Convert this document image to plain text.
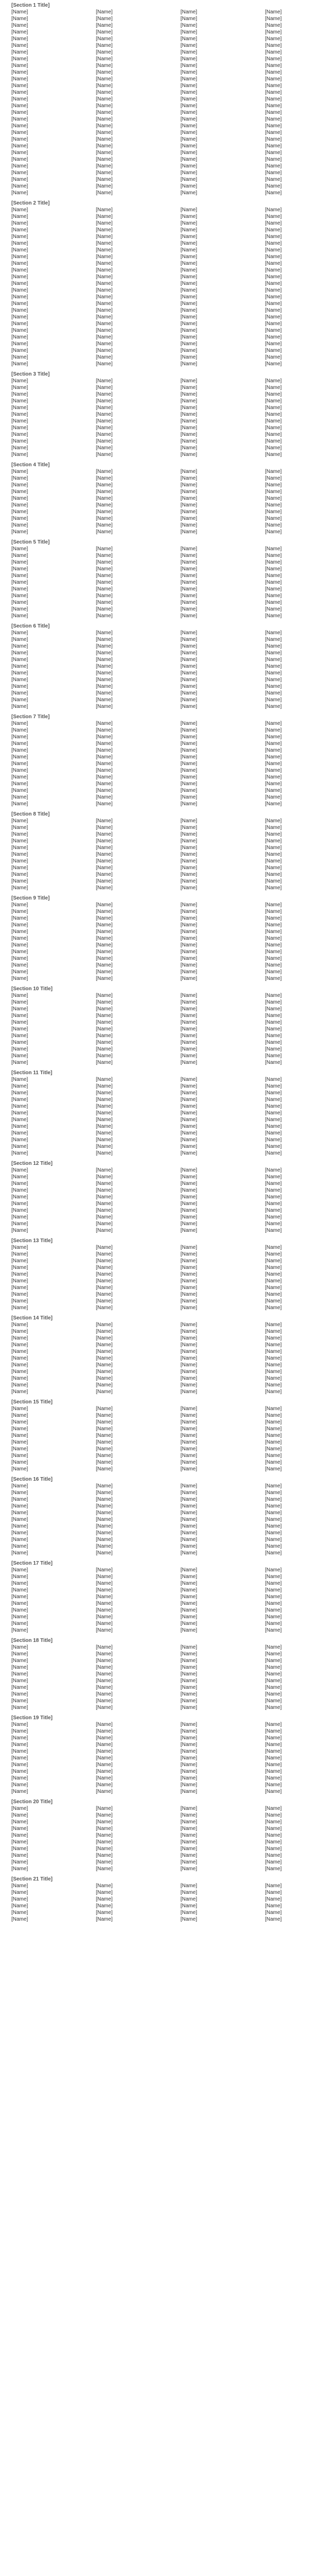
[Section 1 Title]
[Name]	[Name]	[Name]	[Name]
[Name]	[Name]	[Name]	[Name]
[Name]	[Name]	[Name]	[Name]
[Name]	[Name]	[Name]	[Name]
[Name]	[Name]	[Name]	[Name]
[Name]	[Name]	[Name]	[Name]
[Name]	[Name]	[Name]	[Name]
[Name]	[Name]	[Name]	[Name]
[Name]	[Name]	[Name]	[Name]
[Name]	[Name]	[Name]	[Name]
[Name]	[Name]	[Name]	[Name]
[Name]	[Name]	[Name]	[Name]
[Name]	[Name]	[Name]	[Name]
[Name]	[Name]	[Name]	[Name]
[Name]	[Name]	[Name]	[Name]
[Name]	[Name]	[Name]	[Name]
[Name]	[Name]	[Name]	[Name]
[Name]	[Name]	[Name]	[Name]
[Name]	[Name]	[Name]	[Name]
[Name]	[Name]	[Name]	[Name]
[Name]	[Name]	[Name]	[Name]
[Name]	[Name]	[Name]	[Name]
[Name]	[Name]	[Name]	[Name]
[Name]	[Name]	[Name]	[Name]
[Name]	[Name]	[Name]	[Name]
[Name]	[Name]	[Name]	[Name]
[Name]	[Name]	[Name]	[Name]
[Name]	[Name]	[Name]	[Name]
[Section 2 Title]
[Name]	[Name]	[Name]	[Name]
[Name]	[Name]	[Name]	[Name]
[Name]	[Name]	[Name]	[Name]
[Name]	[Name]	[Name]	[Name]
[Name]	[Name]	[Name]	[Name]
[Name]	[Name]	[Name]	[Name]
[Name]	[Name]	[Name]	[Name]
[Name]	[Name]	[Name]	[Name]
[Name]	[Name]	[Name]	[Name]
[Name]	[Name]	[Name]	[Name]
[Name]	[Name]	[Name]	[Name]
[Name]	[Name]	[Name]	[Name]
[Name]	[Name]	[Name]	[Name]
[Name]	[Name]	[Name]	[Name]
[Name]	[Name]	[Name]	[Name]
[Name]	[Name]	[Name]	[Name]
[Name]	[Name]	[Name]	[Name]
[Name]	[Name]	[Name]	[Name]
[Name]	[Name]	[Name]	[Name]
[Name]	[Name]	[Name]	[Name]
[Name]	[Name]	[Name]	[Name]
[Name]	[Name]	[Name]	[Name]
[Name]	[Name]	[Name]	[Name]
[Name]	[Name]	[Name]	[Name]
[Section 3 Title]
[Name]	[Name]	[Name]	[Name]
[Name]	[Name]	[Name]	[Name]
[Name]	[Name]	[Name]	[Name]
[Name]	[Name]	[Name]	[Name]
[Name]	[Name]	[Name]	[Name]
[Name]	[Name]	[Name]	[Name]
[Name]	[Name]	[Name]	[Name]
[Name]	[Name]	[Name]	[Name]
[Name]	[Name]	[Name]	[Name]
[Name]	[Name]	[Name]	[Name]
[Name]	[Name]	[Name]	[Name]
[Name]	[Name]	[Name]	[Name]
[Section 4 Title]
[Name]	[Name]	[Name]	[Name]
[Name]	[Name]	[Name]	[Name]
[Name]	[Name]	[Name]	[Name]
[Name]	[Name]	[Name]	[Name]
[Name]	[Name]	[Name]	[Name]
[Name]	[Name]	[Name]	[Name]
[Name]	[Name]	[Name]	[Name]
[Name]	[Name]	[Name]	[Name]
[Name]	[Name]	[Name]	[Name]
[Name]	[Name]	[Name]	[Name]
[Section 5 Title]
[Name]	[Name]	[Name]	[Name]
[Name]	[Name]	[Name]	[Name]
[Name]	[Name]	[Name]	[Name]
[Name]	[Name]	[Name]	[Name]
[Name]	[Name]	[Name]	[Name]
[Name]	[Name]	[Name]	[Name]
[Name]	[Name]	[Name]	[Name]
[Name]	[Name]	[Name]	[Name]
[Name]	[Name]	[Name]	[Name]
[Name]	[Name]	[Name]	[Name]
[Name]	[Name]	[Name]	[Name]
[Section 6 Title]
[Name]	[Name]	[Name]	[Name]
[Name]	[Name]	[Name]	[Name]
[Name]	[Name]	[Name]	[Name]
[Name]	[Name]	[Name]	[Name]
[Name]	[Name]	[Name]	[Name]
[Name]	[Name]	[Name]	[Name]
[Name]	[Name]	[Name]	[Name]
[Name]	[Name]	[Name]	[Name]
[Name]	[Name]	[Name]	[Name]
[Name]	[Name]	[Name]	[Name]
[Name]	[Name]	[Name]	[Name]
[Name]	[Name]	[Name]	[Name]
[Section 7 Title]
[Name]	[Name]	[Name]	[Name]
[Name]	[Name]	[Name]	[Name]
[Name]	[Name]	[Name]	[Name]
[Name]	[Name]	[Name]	[Name]
[Name]	[Name]	[Name]	[Name]
[Name]	[Name]	[Name]	[Name]
[Name]	[Name]	[Name]	[Name]
[Name]	[Name]	[Name]	[Name]
[Name]	[Name]	[Name]	[Name]
[Name]	[Name]	[Name]	[Name]
[Name]	[Name]	[Name]	[Name]
[Name]	[Name]	[Name]	[Name]
[Name]	[Name]	[Name]	[Name]
[Section 8 Title]
[Name]	[Name]	[Name]	[Name]
[Name]	[Name]	[Name]	[Name]
[Name]	[Name]	[Name]	[Name]
[Name]	[Name]	[Name]	[Name]
[Name]	[Name]	[Name]	[Name]
[Name]	[Name]	[Name]	[Name]
[Name]	[Name]	[Name]	[Name]
[Name]	[Name]	[Name]	[Name]
[Name]	[Name]	[Name]	[Name]
[Name]	[Name]	[Name]	[Name]
[Name]	[Name]	[Name]	[Name]
[Section 9 Title]
[Name]	[Name]	[Name]	[Name]
[Name]	[Name]	[Name]	[Name]
[Name]	[Name]	[Name]	[Name]
[Name]	[Name]	[Name]	[Name]
[Name]	[Name]	[Name]	[Name]
[Name]	[Name]	[Name]	[Name]
[Name]	[Name]	[Name]	[Name]
[Name]	[Name]	[Name]	[Name]
[Name]	[Name]	[Name]	[Name]
[Name]	[Name]	[Name]	[Name]
[Name]	[Name]	[Name]	[Name]
[Name]	[Name]	[Name]	[Name]
[Section 10 Title]
[Name]	[Name]	[Name]	[Name]
[Name]	[Name]	[Name]	[Name]
[Name]	[Name]	[Name]	[Name]
[Name]	[Name]	[Name]	[Name]
[Name]	[Name]	[Name]	[Name]
[Name]	[Name]	[Name]	[Name]
[Name]	[Name]	[Name]	[Name]
[Name]	[Name]	[Name]	[Name]
[Name]	[Name]	[Name]	[Name]
[Name]	[Name]	[Name]	[Name]
[Name]	[Name]	[Name]	[Name]
[Section 11 Title]
[Name]	[Name]	[Name]	[Name]
[Name]	[Name]	[Name]	[Name]
[Name]	[Name]	[Name]	[Name]
[Name]	[Name]	[Name]	[Name]
[Name]	[Name]	[Name]	[Name]
[Name]	[Name]	[Name]	[Name]
[Name]	[Name]	[Name]	[Name]
[Name]	[Name]	[Name]	[Name]
[Name]	[Name]	[Name]	[Name]
[Name]	[Name]	[Name]	[Name]
[Name]	[Name]	[Name]	[Name]
[Name]	[Name]	[Name]	[Name]
[Section 12 Title]
[Name]	[Name]	[Name]	[Name]
[Name]	[Name]	[Name]	[Name]
[Name]	[Name]	[Name]	[Name]
[Name]	[Name]	[Name]	[Name]
[Name]	[Name]	[Name]	[Name]
[Name]	[Name]	[Name]	[Name]
[Name]	[Name]	[Name]	[Name]
[Name]	[Name]	[Name]	[Name]
[Name]	[Name]	[Name]	[Name]
[Name]	[Name]	[Name]	[Name]
[Section 13 Title]
[Name]	[Name]	[Name]	[Name]
[Name]	[Name]	[Name]	[Name]
[Name]	[Name]	[Name]	[Name]
[Name]	[Name]	[Name]	[Name]
[Name]	[Name]	[Name]	[Name]
[Name]	[Name]	[Name]	[Name]
[Name]	[Name]	[Name]	[Name]
[Name]	[Name]	[Name]	[Name]
[Name]	[Name]	[Name]	[Name]
[Name]	[Name]	[Name]	[Name]
[Section 14 Title]
[Name]	[Name]	[Name]	[Name]
[Name]	[Name]	[Name]	[Name]
[Name]	[Name]	[Name]	[Name]
[Name]	[Name]	[Name]	[Name]
[Name]	[Name]	[Name]	[Name]
[Name]	[Name]	[Name]	[Name]
[Name]	[Name]	[Name]	[Name]
[Name]	[Name]	[Name]	[Name]
[Name]	[Name]	[Name]	[Name]
[Name]	[Name]	[Name]	[Name]
[Name]	[Name]	[Name]	[Name]
[Section 15 Title]
[Name]	[Name]	[Name]	[Name]
[Name]	[Name]	[Name]	[Name]
[Name]	[Name]	[Name]	[Name]
[Name]	[Name]	[Name]	[Name]
[Name]	[Name]	[Name]	[Name]
[Name]	[Name]	[Name]	[Name]
[Name]	[Name]	[Name]	[Name]
[Name]	[Name]	[Name]	[Name]
[Name]	[Name]	[Name]	[Name]
[Name]	[Name]	[Name]	[Name]
[Section 16 Title]
[Name]	[Name]	[Name]	[Name]
[Name]	[Name]	[Name]	[Name]
[Name]	[Name]	[Name]	[Name]
[Name]	[Name]	[Name]	[Name]
[Name]	[Name]	[Name]	[Name]
[Name]	[Name]	[Name]	[Name]
[Name]	[Name]	[Name]	[Name]
[Name]	[Name]	[Name]	[Name]
[Name]	[Name]	[Name]	[Name]
[Name]	[Name]	[Name]	[Name]
[Name]	[Name]	[Name]	[Name]
[Section 17 Title]
[Name]	[Name]	[Name]	[Name]
[Name]	[Name]	[Name]	[Name]
[Name]	[Name]	[Name]	[Name]
[Name]	[Name]	[Name]	[Name]
[Name]	[Name]	[Name]	[Name]
[Name]	[Name]	[Name]	[Name]
[Name]	[Name]	[Name]	[Name]
[Name]	[Name]	[Name]	[Name]
[Name]	[Name]	[Name]	[Name]
[Name]	[Name]	[Name]	[Name]
[Section 18 Title]
[Name]	[Name]	[Name]	[Name]
[Name]	[Name]	[Name]	[Name]
[Name]	[Name]	[Name]	[Name]
[Name]	[Name]	[Name]	[Name]
[Name]	[Name]	[Name]	[Name]
[Name]	[Name]	[Name]	[Name]
[Name]	[Name]	[Name]	[Name]
[Name]	[Name]	[Name]	[Name]
[Name]	[Name]	[Name]	[Name]
[Name]	[Name]	[Name]	[Name]
[Section 19 Title]
[Name]	[Name]	[Name]	[Name]
[Name]	[Name]	[Name]	[Name]
[Name]	[Name]	[Name]	[Name]
[Name]	[Name]	[Name]	[Name]
[Name]	[Name]	[Name]	[Name]
[Name]	[Name]	[Name]	[Name]
[Name]	[Name]	[Name]	[Name]
[Name]	[Name]	[Name]	[Name]
[Name]	[Name]	[Name]	[Name]
[Name]	[Name]	[Name]	[Name]
[Name]	[Name]	[Name]	[Name]
[Section 20 Title]
[Name]	[Name]	[Name]	[Name]
[Name]	[Name]	[Name]	[Name]
[Name]	[Name]	[Name]	[Name]
[Name]	[Name]	[Name]	[Name]
[Name]	[Name]	[Name]	[Name]
[Name]	[Name]	[Name]	[Name]
[Name]	[Name]	[Name]	[Name]
[Name]	[Name]	[Name]	[Name]
[Name]	[Name]	[Name]	[Name]
[Name]	[Name]	[Name]	[Name]
[Section 21 Title]
[Name]	[Name]	[Name]	[Name]
[Name]	[Name]	[Name]	[Name]
[Name]	[Name]	[Name]	[Name]
[Name]	[Name]	[Name]	[Name]
[Name]	[Name]	[Name]	[Name]
[Name]	[Name]	[Name]	[Name]
